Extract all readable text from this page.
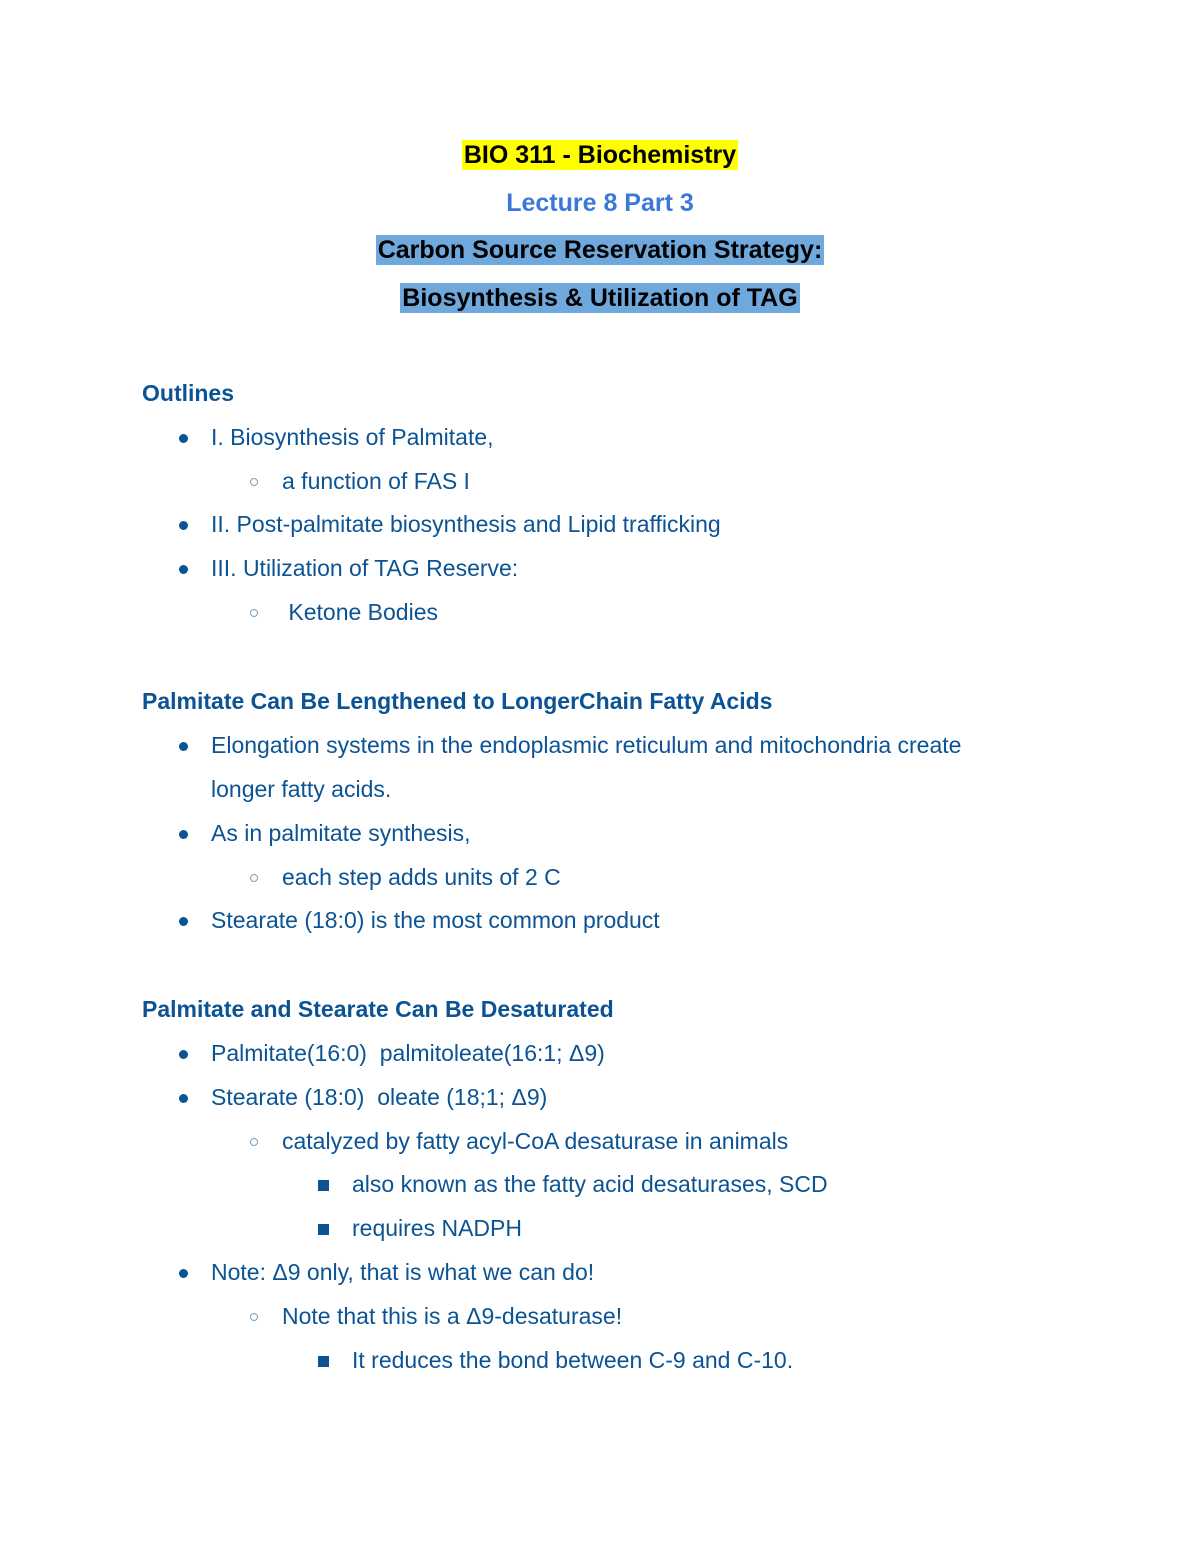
BIO 311 - Biochemistry
Lecture 8 Part 3
Carbon Source Reservation Strategy:
Biosynthesis & Utilization of TAG
Outlines
I. Biosynthesis of Palmitate,
a function of FAS I
II. Post-palmitate biosynthesis and Lipid trafficking
III. Utilization of TAG Reserve:
Ketone Bodies
Palmitate Can Be Lengthened to LongerChain Fatty Acids
Elongation systems in the endoplasmic reticulum and mitochondria create
longer fatty acids.
As in palmitate synthesis,
each step adds units of 2 C
Stearate (18:0) is the most common product
Palmitate and Stearate Can Be Desaturated
Palmitate(16:0)  palmitoleate(16:1; Δ9)
Stearate (18:0)  oleate (18;1; Δ9)
catalyzed by fatty acyl-CoA desaturase in animals
also known as the fatty acid desaturases, SCD
requires NADPH
Note: Δ9 only, that is what we can do!
Note that this is a Δ9-desaturase!
It reduces the bond between C-9 and C-10.
